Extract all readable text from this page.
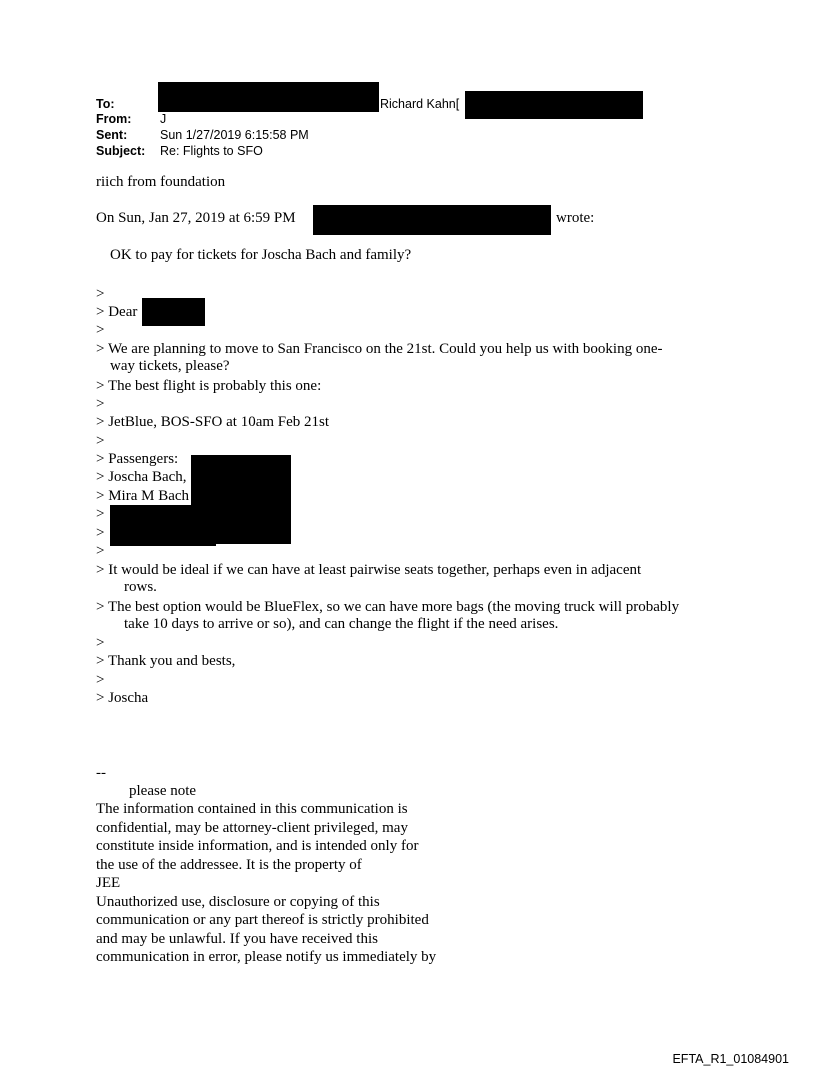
To:	Richard Kahn[
From: J
Sent:	Sun 1/27/2019 6:15:58 PM
Subject: Re: Flights to SFO
riich from foundation
On Sun, Jan 27, 2019 at 6:59 PM	wrote:
OK to pay for tickets for Joscha Bach and family?
>
> Dear
>
> We are planning to move to San Francisco on the 21st. Could you help us with booking one-
way tickets, please?
> The best flight is probably this one:
>
> JetBlue, BOS-SFO at 10am Feb 21st
>
> Passengers:
> Joscha Bach,
> Mira M Bach
>
>
>
> It would be ideal if we can have at least pairwise seats together, perhaps even in adjacent
rows.
> The best option would be BlueFlex, so we can have more bags (the moving truck will probably
take 10 days to arrive or so), and can change the flight if the need arises.
>
> Thank you and bests,
>
> Joscha
--
please note
The information contained in this communication is
confidential, may be attorney-client privileged, may
constitute inside information, and is intended only for
the use of the addressee. It is the property of
JEE
Unauthorized use, disclosure or copying of this
communication or any part thereof is strictly prohibited
and may be unlawful. If you have received this
communication in error, please notify us immediately by
EFTA_R1_01084901
